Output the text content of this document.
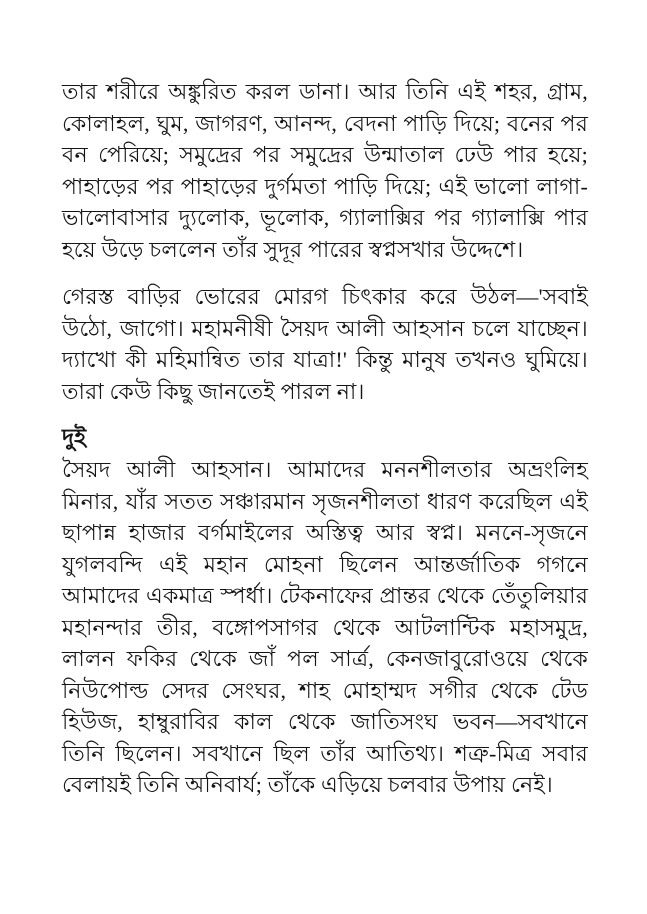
তার শরীরে অঙ্কুরিত করল ডানা। আর তিনি এই শহর, গ্রাম, কোলাহল, ঘুম, জাগরণ, আনন্দ, বেদনা পাড়ি দিয়ে; বনের পর বন পেরিয়ে; সমুদ্রের পর সমুদ্রের উন্মাতাল ঢেউ পার হয়ে; পাহাড়ের পর পাহাড়ের দুর্গমতা পাড়ি দিয়ে; এই ভালো লাগা-ভালোবাসার দ্যুলোক, ভূলোক, গ্যালাক্সির পর গ্যালাক্সি পার হয়ে উড়ে চললেন তাঁর সুদূর পারের স্বপ্নসখার উদ্দেশে।

গেরস্ত বাড়ির ভোরের মোরগ চিৎকার করে উঠল—'সবাই উঠো, জাগো। মহামনীষী সৈয়দ আলী আহসান চলে যাচ্ছেন। দ্যাখো কী মহিমান্বিত তার যাত্রা!' কিন্তু মানুষ তখনও ঘুমিয়ে। তারা কেউ কিছু জানতেই পারল না।

দুই

সৈয়দ আলী আহসান। আমাদের মননশীলতার অভ্রংলিহ মিনার, যাঁর সতত সঞ্চারমান সৃজনশীলতা ধারণ করেছিল এই ছাপান্ন হাজার বর্গমাইলের অস্তিত্ব আর স্বপ্ন। মননে-সৃজনে যুগলবন্দি এই মহান মোহনা ছিলেন আন্তর্জাতিক গগনে আমাদের একমাত্র স্পর্ধা। টেকনাফের প্রান্তর থেকে তেঁতুলিয়ার মহানন্দার তীর, বঙ্গোপসাগর থেকে আটলান্টিক মহাসমুদ্র, লালন ফকির থেকে জাঁ পল সার্ত্র, কেনজাবুরোওয়ে থেকে নিউপোল্ড সেদর সেংঘর, শাহ মোহাম্মদ সগীর থেকে টেড হিউজ, হাম্বুরাবির কাল থেকে জাতিসংঘ ভবন—সবখানে তিনি ছিলেন। সবখানে ছিল তাঁর আতিথ্য। শত্রু-মিত্র সবার বেলায়ই তিনি অনিবার্য; তাঁকে এড়িয়ে চলবার উপায় নেই।
